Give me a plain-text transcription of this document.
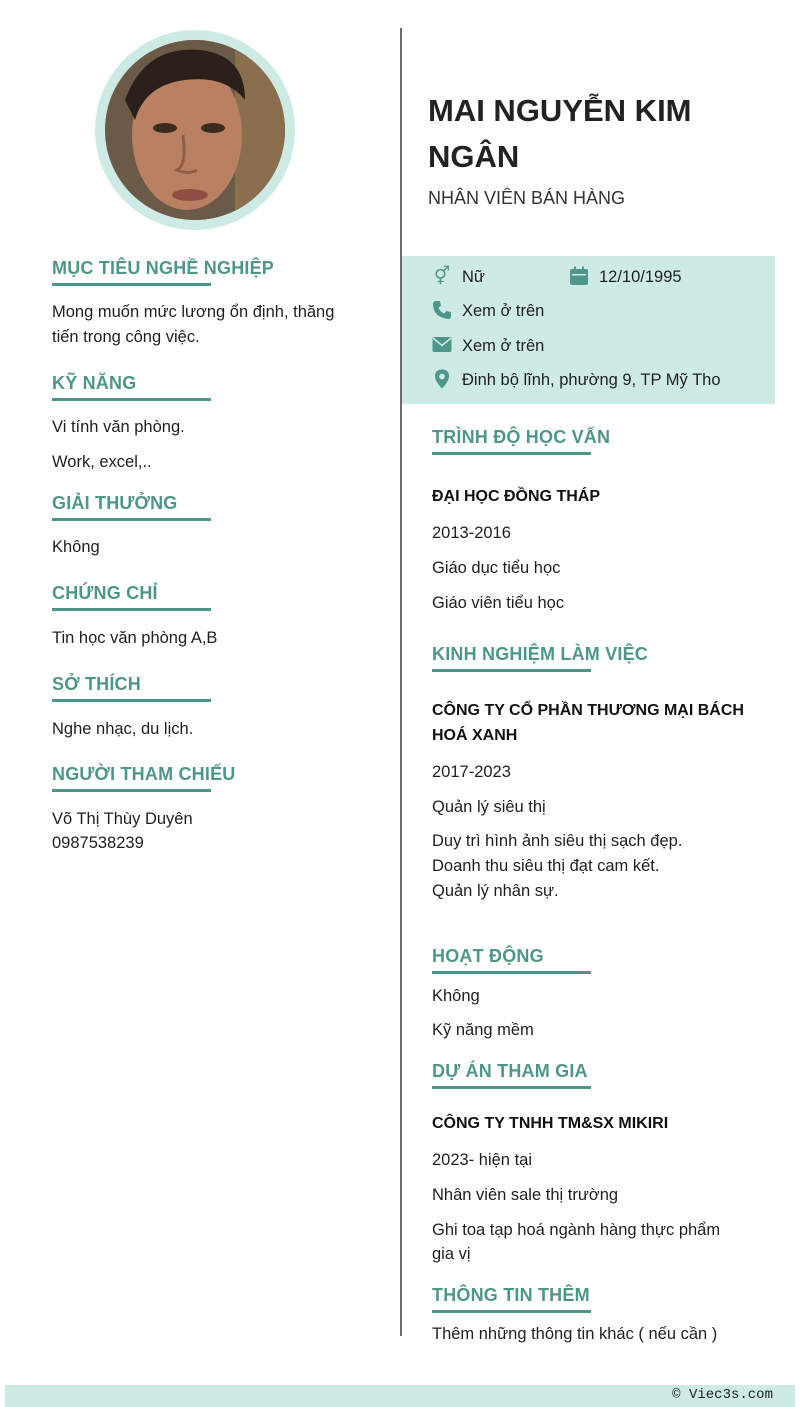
MỤC TIÊU NGHỀ NGHIỆP
Mong muốn mức lương ổn định, thăng
tiến trong công việc.
KỸ NĂNG
Vi tính văn phòng.
Work, excel,..
GIẢI THƯỞNG
Không
CHỨNG CHỈ
Tin học văn phòng A,B
SỞ THÍCH
Nghe nhạc, du lịch.
NGƯỜI THAM CHIẾU
Võ Thị Thùy Duyên
0987538239
MAI NGUYỄN KIM NGÂN
NHÂN VIÊN BÁN HÀNG
⚥ Nữ	12/10/1995
Xem ở trên
Xem ở trên
Đinh bộ lĩnh, phường 9, TP Mỹ Tho
TRÌNH ĐỘ HỌC VẤN
ĐẠI HỌC ĐỒNG THÁP
2013-2016
Giáo dục tiểu học
Giáo viên tiểu học
KINH NGHIỆM LÀM VIỆC
CÔNG TY CỔ PHẦN THƯƠNG MẠI BÁCH
HOÁ XANH
2017-2023
Quản lý siêu thị
Duy trì hình ảnh siêu thị sạch đẹp.
Doanh thu siêu thị đạt cam kết.
Quản lý nhân sự.
HOẠT ĐỘNG
Không
Kỹ năng mềm
DỰ ÁN THAM GIA
CÔNG TY TNHH TM&SX MIKIRI
2023- hiện tại
Nhân viên sale thị trường
Ghi toa tạp hoá ngành hàng thực phẩm
gia vị
THÔNG TIN THÊM
Thêm những thông tin khác ( nếu cần )
© Viec3s.com
